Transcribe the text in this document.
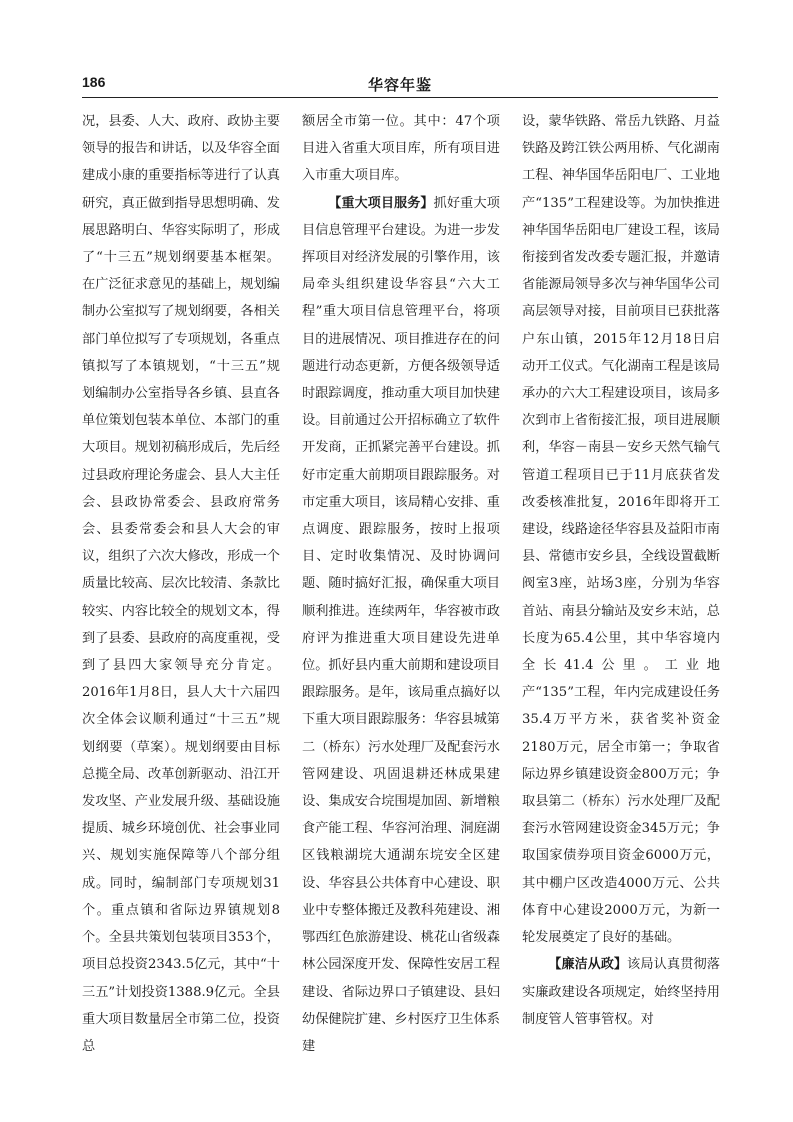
186	华容年鉴

况，县委、人大、政府、政协主要领导的报告和讲话，以及华容全面建成小康的重要指标等进行了认真研究，真正做到指导思想明确、发展思路明白、华容实际明了，形成了“十三五”规划纲要基本框架。在广泛征求意见的基础上，规划编制办公室拟写了规划纲要，各相关部门单位拟写了专项规划，各重点镇拟写了本镇规划，“十三五”规划编制办公室指导各乡镇、县直各单位策划包装本单位、本部门的重大项目。规划初稿形成后，先后经过县政府理论务虚会、县人大主任会、县政协常委会、县政府常务会、县委常委会和县人大会的审议，组织了六次大修改，形成一个质量比较高、层次比较清、条款比较实、内容比较全的规划文本，得到了县委、县政府的高度重视，受到了县四大家领导充分肯定。2016年1月8日，县人大十六届四次全体会议顺利通过“十三五”规划纲要（草案）。规划纲要由目标总揽全局、改革创新驱动、沿江开发攻坚、产业发展升级、基础设施提质、城乡环境创优、社会事业同兴、规划实施保障等八个部分组成。同时，编制部门专项规划31个。重点镇和省际边界镇规划8个。全县共策划包装项目353个，项目总投资2343.5亿元，其中“十三五”计划投资1388.9亿元。全县重大项目数量居全市第二位，投资总

额居全市第一位。其中：47个项目进入省重大项目库，所有项目进入市重大项目库。

【重大项目服务】抓好重大项目信息管理平台建设。为进一步发挥项目对经济发展的引擎作用，该局牵头组织建设华容县“六大工程”重大项目信息管理平台，将项目的进展情况、项目推进存在的问题进行动态更新，方便各级领导适时跟踪调度，推动重大项目加快建设。目前通过公开招标确立了软件开发商，正抓紧完善平台建设。抓好市定重大前期项目跟踪服务。对市定重大项目，该局精心安排、重点调度、跟踪服务，按时上报项目、定时收集情况、及时协调问题、随时搞好汇报，确保重大项目顺利推进。连续两年，华容被市政府评为推进重大项目建设先进单位。抓好县内重大前期和建设项目跟踪服务。是年，该局重点搞好以下重大项目跟踪服务：华容县城第二（桥东）污水处理厂及配套污水管网建设、巩固退耕还林成果建设、集成安合垸围堤加固、新增粮食产能工程、华容河治理、洞庭湖区钱粮湖垸大通湖东垸安全区建设、华容县公共体育中心建设、职业中专整体搬迁及教科苑建设、湘鄂西红色旅游建设、桃花山省级森林公园深度开发、保障性安居工程建设、省际边界口子镇建设、县妇幼保健院扩建、乡村医疗卫生体系建

设，蒙华铁路、常岳九铁路、月益铁路及跨江铁公两用桥、气化湖南工程、神华国华岳阳电厂、工业地产“135”工程建设等。为加快推进神华国华岳阳电厂建设工程，该局衔接到省发改委专题汇报，并邀请省能源局领导多次与神华国华公司高层领导对接，目前项目已获批落户东山镇，2015年12月18日启动开工仪式。气化湖南工程是该局承办的六大工程建设项目，该局多次到市上省衔接汇报，项目进展顺利，华容－南县－安乡天然气输气管道工程项目已于11月底获省发改委核准批复，2016年即将开工建设，线路途径华容县及益阳市南县、常德市安乡县，全线设置截断阀室3座，站场3座，分别为华容首站、南县分输站及安乡末站，总长度为65.4公里，其中华容境内全长41.4公里。工业地产“135”工程，年内完成建设任务35.4万平方米，获省奖补资金2180万元，居全市第一；争取省际边界乡镇建设资金800万元；争取县第二（桥东）污水处理厂及配套污水管网建设资金345万元；争取国家债券项目资金6000万元，其中棚户区改造4000万元、公共体育中心建设2000万元，为新一轮发展奠定了良好的基础。

【廉洁从政】该局认真贯彻落实廉政建设各项规定，始终坚持用制度管人管事管权。对
